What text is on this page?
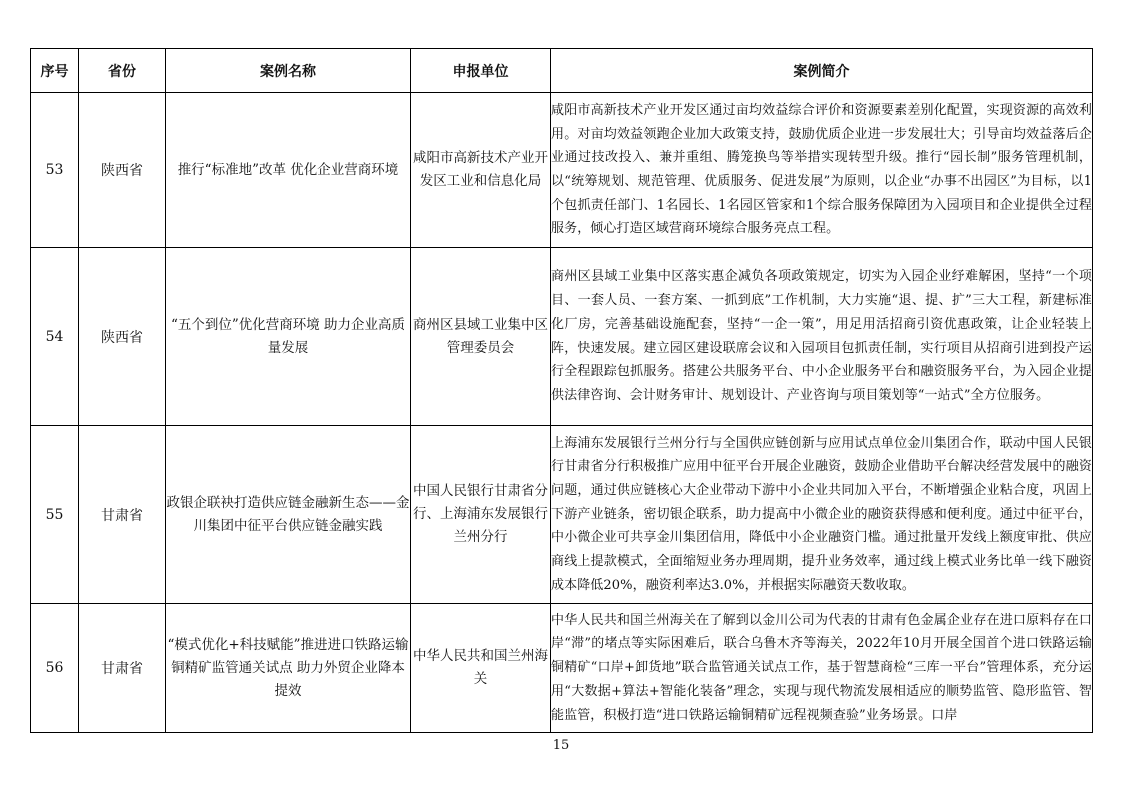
序号	省份	案例名称	申报单位	案例简介
53	陕西省	推行“标准地”改革 优化企业营商环境	咸阳市高新技术产业开发区工业和信息化局	咸阳市高新技术产业开发区通过亩均效益综合评价和资源要素差别化配置，实现资源的高效利用。对亩均效益领跑企业加大政策支持，鼓励优质企业进一步发展壮大；引导亩均效益落后企业通过技改投入、兼并重组、腾笼换鸟等举措实现转型升级。推行“园长制”服务管理机制，以“统筹规划、规范管理、优质服务、促进发展”为原则，以企业“办事不出园区”为目标，以1个包抓责任部门、1名园长、1名园区管家和1个综合服务保障团为入园项目和企业提供全过程服务，倾心打造区域营商环境综合服务亮点工程。
54	陕西省	“五个到位”优化营商环境 助力企业高质量发展	商州区县域工业集中区管理委员会	商州区县域工业集中区落实惠企减负各项政策规定，切实为入园企业纾难解困，坚持“一个项目、一套人员、一套方案、一抓到底”工作机制，大力实施“退、提、扩”三大工程，新建标准化厂房，完善基础设施配套，坚持“一企一策”，用足用活招商引资优惠政策，让企业轻装上阵，快速发展。建立园区建设联席会议和入园项目包抓责任制，实行项目从招商引进到投产运行全程跟踪包抓服务。搭建公共服务平台、中小企业服务平台和融资服务平台，为入园企业提供法律咨询、会计财务审计、规划设计、产业咨询与项目策划等“一站式”全方位服务。
55	甘肃省	政银企联袂打造供应链金融新生态——金川集团中征平台供应链金融实践	中国人民银行甘肃省分行、上海浦东发展银行兰州分行	上海浦东发展银行兰州分行与全国供应链创新与应用试点单位金川集团合作，联动中国人民银行甘肃省分行积极推广应用中征平台开展企业融资，鼓励企业借助平台解决经营发展中的融资问题，通过供应链核心大企业带动下游中小企业共同加入平台，不断增强企业粘合度，巩固上下游产业链条，密切银企联系，助力提高中小微企业的融资获得感和便利度。通过中征平台，中小微企业可共享金川集团信用，降低中小企业融资门槛。通过批量开发线上额度审批、供应商线上提款模式，全面缩短业务办理周期，提升业务效率，通过线上模式业务比单一线下融资成本降低20%，融资利率达3.0%，并根据实际融资天数收取。
56	甘肃省	“模式优化+科技赋能”推进进口铁路运输铜精矿监管通关试点 助力外贸企业降本提效	中华人民共和国兰州海关	中华人民共和国兰州海关在了解到以金川公司为代表的甘肃有色金属企业存在进口原料存在口岸“滞”的堵点等实际困难后，联合乌鲁木齐等海关，2022年10月开展全国首个进口铁路运输铜精矿“口岸+卸货地”联合监管通关试点工作，基于智慧商检“三库一平台”管理体系，充分运用“大数据+算法+智能化装备”理念，实现与现代物流发展相适应的顺势监管、隐形监管、智能监管，积极打造“进口铁路运输铜精矿远程视频查验”业务场景。口岸
15
